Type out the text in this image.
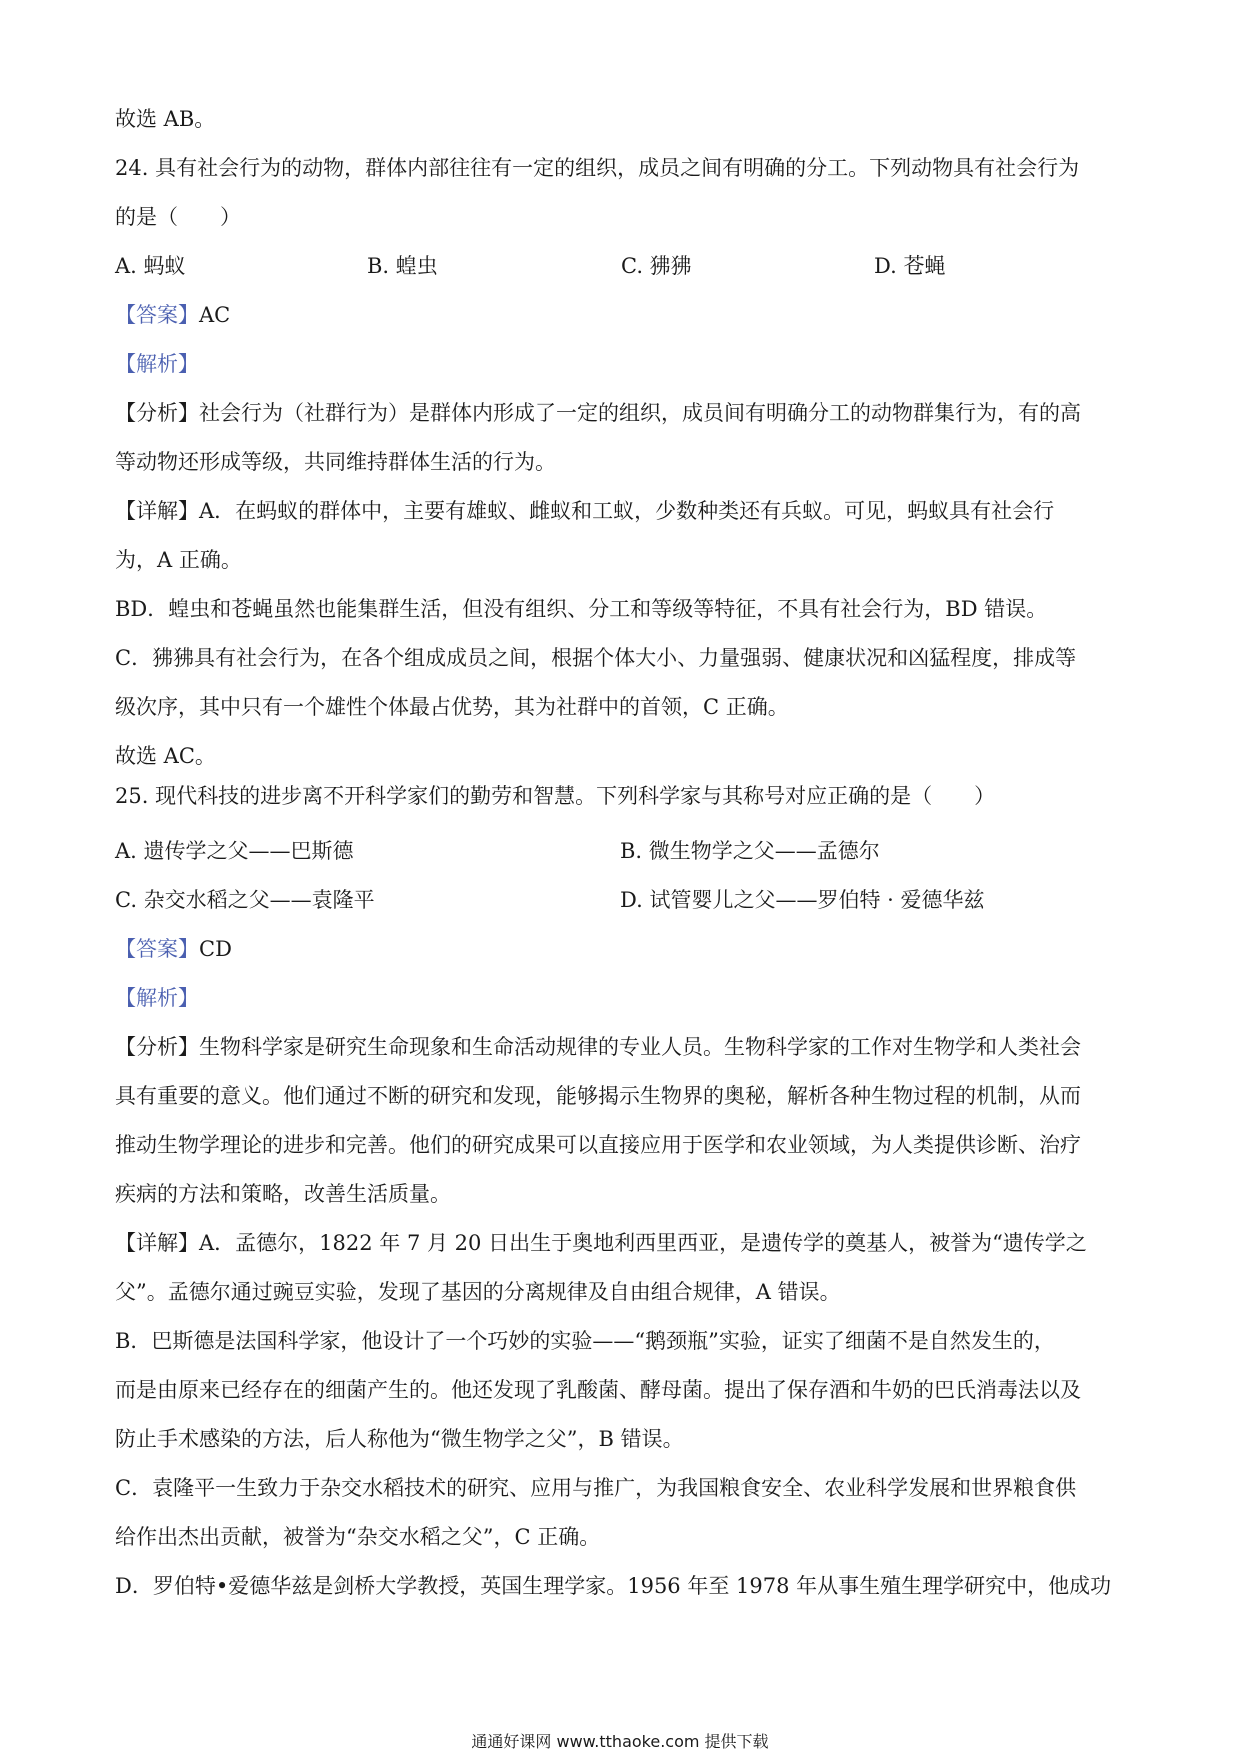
故选 AB。
24. 具有社会行为的动物，群体内部往往有一定的组织，成员之间有明确的分工。下列动物具有社会行为
的是（　　）
A. 蚂蚁	B. 蝗虫	C. 狒狒	D. 苍蝇
【答案】AC
【解析】
【分析】社会行为（社群行为）是群体内形成了一定的组织，成员间有明确分工的动物群集行为，有的高
等动物还形成等级，共同维持群体生活的行为。
【详解】A．在蚂蚁的群体中，主要有雄蚁、雌蚁和工蚁，少数种类还有兵蚁。可见，蚂蚁具有社会行
为，A 正确。
BD．蝗虫和苍蝇虽然也能集群生活，但没有组织、分工和等级等特征，不具有社会行为，BD 错误。
C．狒狒具有社会行为，在各个组成成员之间，根据个体大小、力量强弱、健康状况和凶猛程度，排成等
级次序，其中只有一个雄性个体最占优势，其为社群中的首领，C 正确。
故选 AC。
25. 现代科技的进步离不开科学家们的勤劳和智慧。下列科学家与其称号对应正确的是（　　）
A. 遗传学之父——巴斯德	B. 微生物学之父——孟德尔
C. 杂交水稻之父——袁隆平	D. 试管婴儿之父——罗伯特 · 爱德华兹
【答案】CD
【解析】
【分析】生物科学家是研究生命现象和生命活动规律的专业人员。生物科学家的工作对生物学和人类社会
具有重要的意义。他们通过不断的研究和发现，能够揭示生物界的奥秘，解析各种生物过程的机制，从而
推动生物学理论的进步和完善。他们的研究成果可以直接应用于医学和农业领域，为人类提供诊断、治疗
疾病的方法和策略，改善生活质量。
【详解】A．孟德尔，1822 年 7 月 20 日出生于奥地利西里西亚，是遗传学的奠基人，被誉为“遗传学之
父”。孟德尔通过豌豆实验，发现了基因的分离规律及自由组合规律，A 错误。
B．巴斯德是法国科学家，他设计了一个巧妙的实验——“鹅颈瓶”实验，证实了细菌不是自然发生的，
而是由原来已经存在的细菌产生的。他还发现了乳酸菌、酵母菌。提出了保存酒和牛奶的巴氏消毒法以及
防止手术感染的方法，后人称他为“微生物学之父”，B 错误。
C．袁隆平一生致力于杂交水稻技术的研究、应用与推广，为我国粮食安全、农业科学发展和世界粮食供
给作出杰出贡献，被誉为“杂交水稻之父”，C 正确。
D．罗伯特•爱德华兹是剑桥大学教授，英国生理学家。1956 年至 1978 年从事生殖生理学研究中，他成功
通通好课网 www.tthaoke.com 提供下载
